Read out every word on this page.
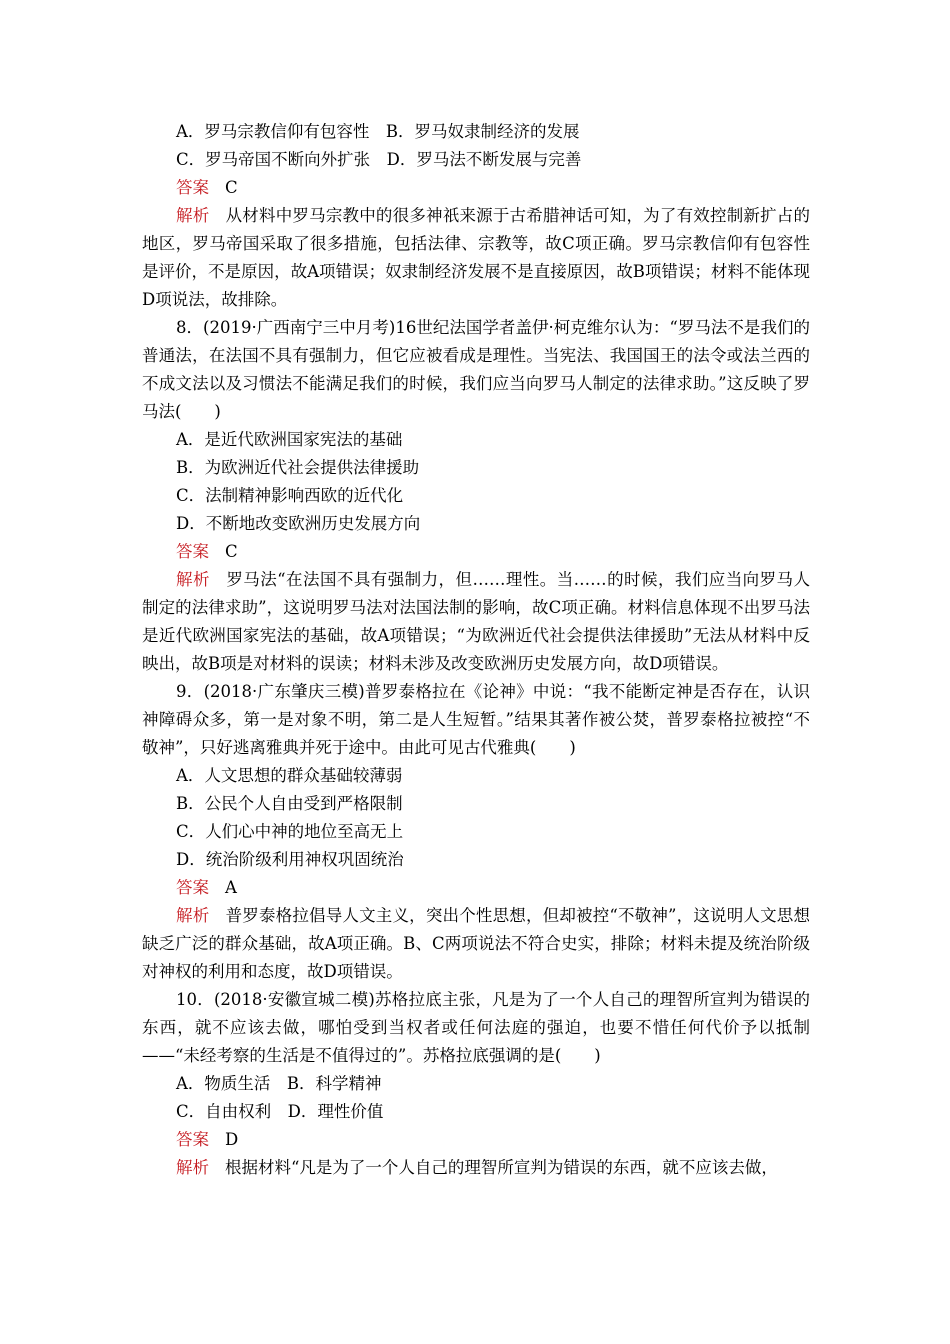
A．罗马宗教信仰有包容性　B．罗马奴隶制经济的发展
C．罗马帝国不断向外扩张　D．罗马法不断发展与完善
答案 C
解析 从材料中罗马宗教中的很多神祇来源于古希腊神话可知，为了有效控制新扩占的地区，罗马帝国采取了很多措施，包括法律、宗教等，故C项正确。罗马宗教信仰有包容性是评价，不是原因，故A项错误；奴隶制经济发展不是直接原因，故B项错误；材料不能体现D项说法，故排除。
8．(2019·广西南宁三中月考)16世纪法国学者盖伊·柯克维尔认为：“罗马法不是我们的普通法，在法国不具有强制力，但它应被看成是理性。当宪法、我国国王的法令或法兰西的不成文法以及习惯法不能满足我们的时候，我们应当向罗马人制定的法律求助。”这反映了罗马法(　　)
A．是近代欧洲国家宪法的基础
B．为欧洲近代社会提供法律援助
C．法制精神影响西欧的近代化
D．不断地改变欧洲历史发展方向
答案 C
解析 罗马法“在法国不具有强制力，但……理性。当……的时候，我们应当向罗马人制定的法律求助”，这说明罗马法对法国法制的影响，故C项正确。材料信息体现不出罗马法是近代欧洲国家宪法的基础，故A项错误；“为欧洲近代社会提供法律援助”无法从材料中反映出，故B项是对材料的误读；材料未涉及改变欧洲历史发展方向，故D项错误。
9．(2018·广东肇庆三模)普罗泰格拉在《论神》中说：“我不能断定神是否存在，认识神障碍众多，第一是对象不明，第二是人生短暂。”结果其著作被公焚，普罗泰格拉被控“不敬神”，只好逃离雅典并死于途中。由此可见古代雅典(　　)
A．人文思想的群众基础较薄弱
B．公民个人自由受到严格限制
C．人们心中神的地位至高无上
D．统治阶级利用神权巩固统治
答案 A
解析 普罗泰格拉倡导人文主义，突出个性思想，但却被控“不敬神”，这说明人文思想缺乏广泛的群众基础，故A项正确。B、C两项说法不符合史实，排除；材料未提及统治阶级对神权的利用和态度，故D项错误。
10．(2018·安徽宣城二模)苏格拉底主张，凡是为了一个人自己的理智所宣判为错误的东西，就不应该去做，哪怕受到当权者或任何法庭的强迫，也要不惜任何代价予以抵制——“未经考察的生活是不值得过的”。苏格拉底强调的是(　　)
A．物质生活　B．科学精神
C．自由权利　D．理性价值
答案 D
解析 根据材料“凡是为了一个人自己的理智所宣判为错误的东西，就不应该去做，
